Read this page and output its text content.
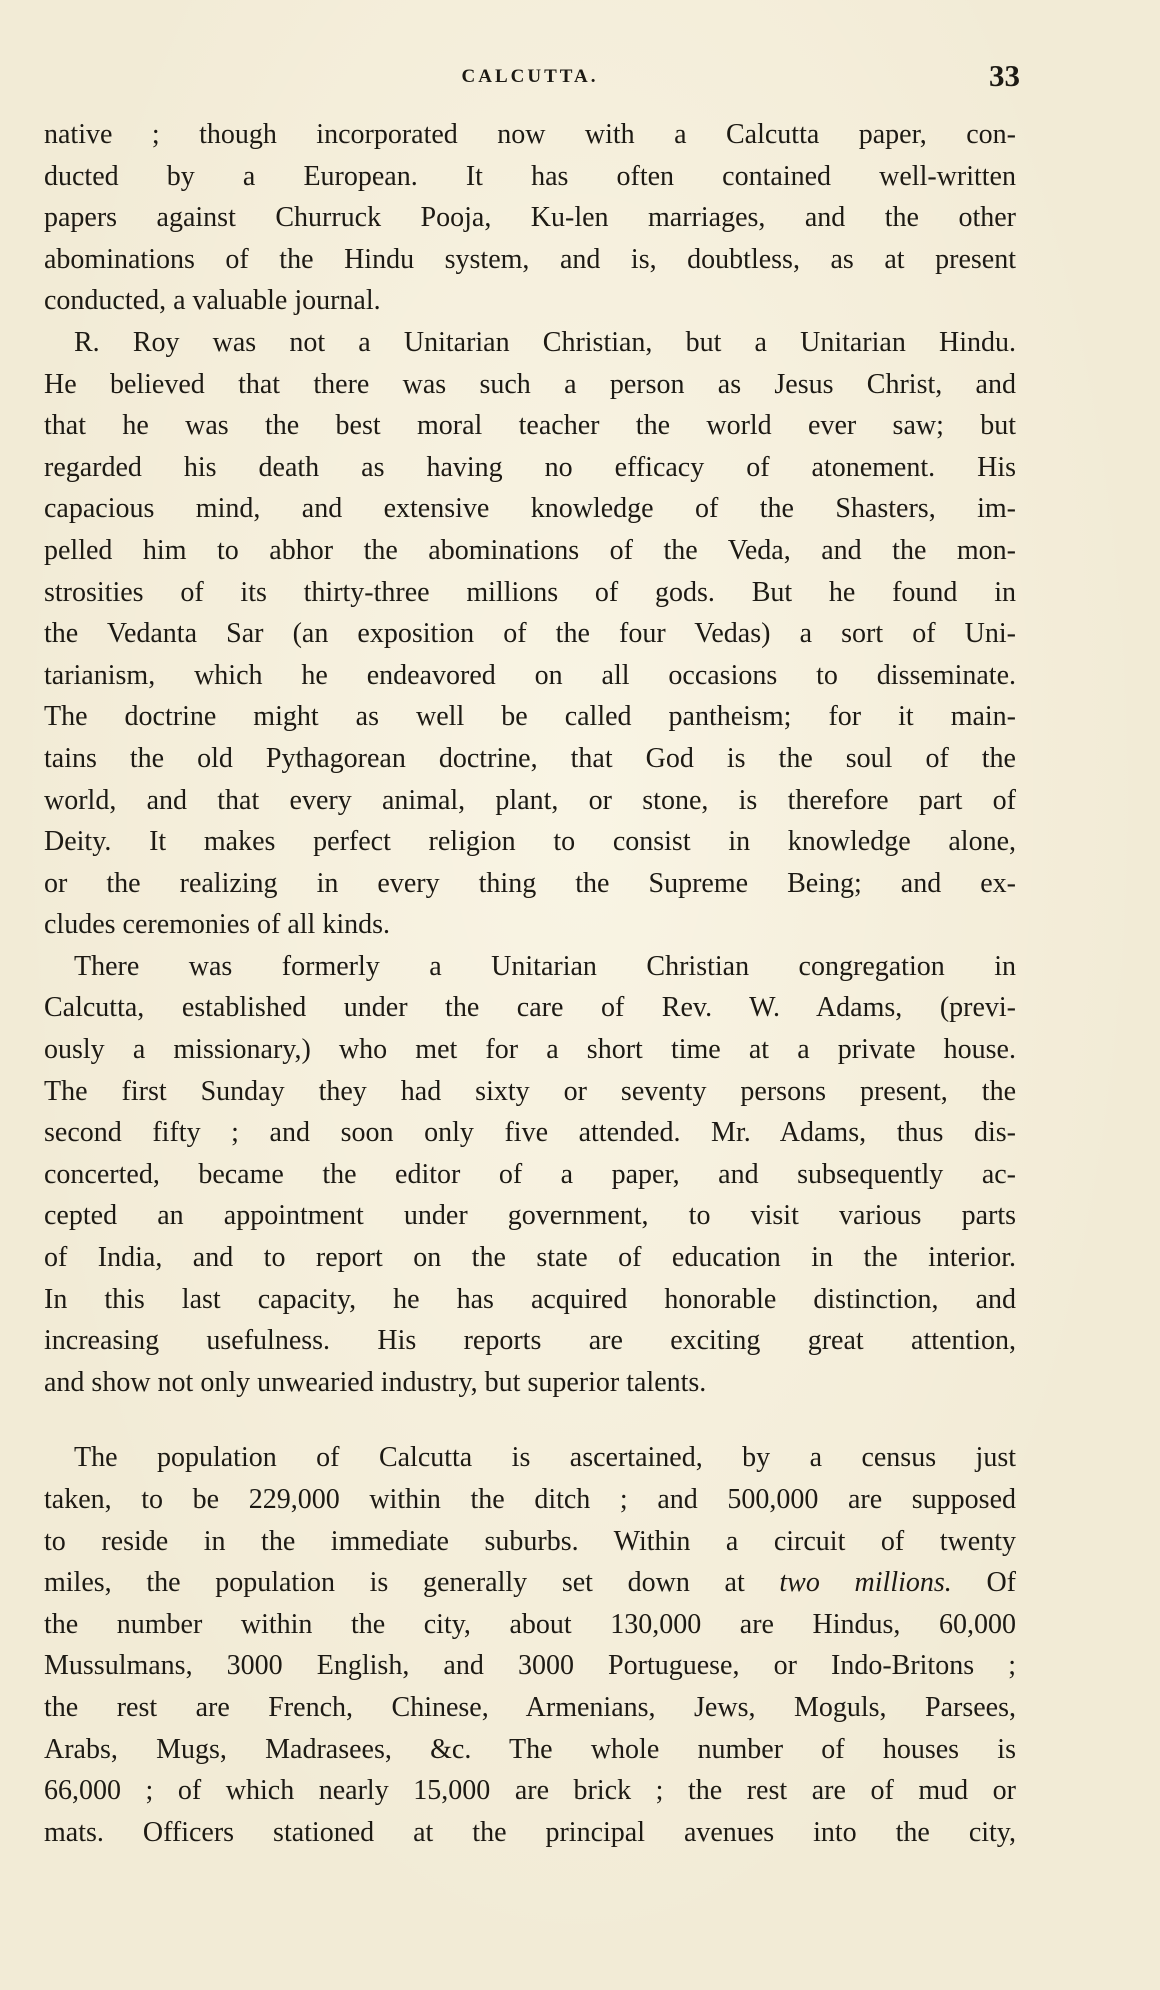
CALCUTTA.	33
native ; though incorporated now with a Calcutta paper, con-
ducted by a European. It has often contained well-written
papers against Churruck Pooja, Ku-len marriages, and the other
abominations of the Hindu system, and is, doubtless, as at present
conducted, a valuable journal.
R. Roy was not a Unitarian Christian, but a Unitarian Hindu.
He believed that there was such a person as Jesus Christ, and
that he was the best moral teacher the world ever saw; but
regarded his death as having no efficacy of atonement. His
capacious mind, and extensive knowledge of the Shasters, im-
pelled him to abhor the abominations of the Veda, and the mon-
strosities of its thirty-three millions of gods. But he found in
the Vedanta Sar (an exposition of the four Vedas) a sort of Uni-
tarianism, which he endeavored on all occasions to disseminate.
The doctrine might as well be called pantheism; for it main-
tains the old Pythagorean doctrine, that God is the soul of the
world, and that every animal, plant, or stone, is therefore part of
Deity. It makes perfect religion to consist in knowledge alone,
or the realizing in every thing the Supreme Being; and ex-
cludes ceremonies of all kinds.
There was formerly a Unitarian Christian congregation in
Calcutta, established under the care of Rev. W. Adams, (previ-
ously a missionary,) who met for a short time at a private house.
The first Sunday they had sixty or seventy persons present, the
second fifty ; and soon only five attended. Mr. Adams, thus dis-
concerted, became the editor of a paper, and subsequently ac-
cepted an appointment under government, to visit various parts
of India, and to report on the state of education in the interior.
In this last capacity, he has acquired honorable distinction, and
increasing usefulness. His reports are exciting great attention,
and show not only unwearied industry, but superior talents.
The population of Calcutta is ascertained, by a census just
taken, to be 229,000 within the ditch ; and 500,000 are supposed
to reside in the immediate suburbs. Within a circuit of twenty
miles, the population is generally set down at two millions. Of
the number within the city, about 130,000 are Hindus, 60,000
Mussulmans, 3000 English, and 3000 Portuguese, or Indo-Britons ;
the rest are French, Chinese, Armenians, Jews, Moguls, Parsees,
Arabs, Mugs, Madrasees, &c. The whole number of houses is
66,000 ; of which nearly 15,000 are brick ; the rest are of mud or
mats. Officers stationed at the principal avenues into the city,
